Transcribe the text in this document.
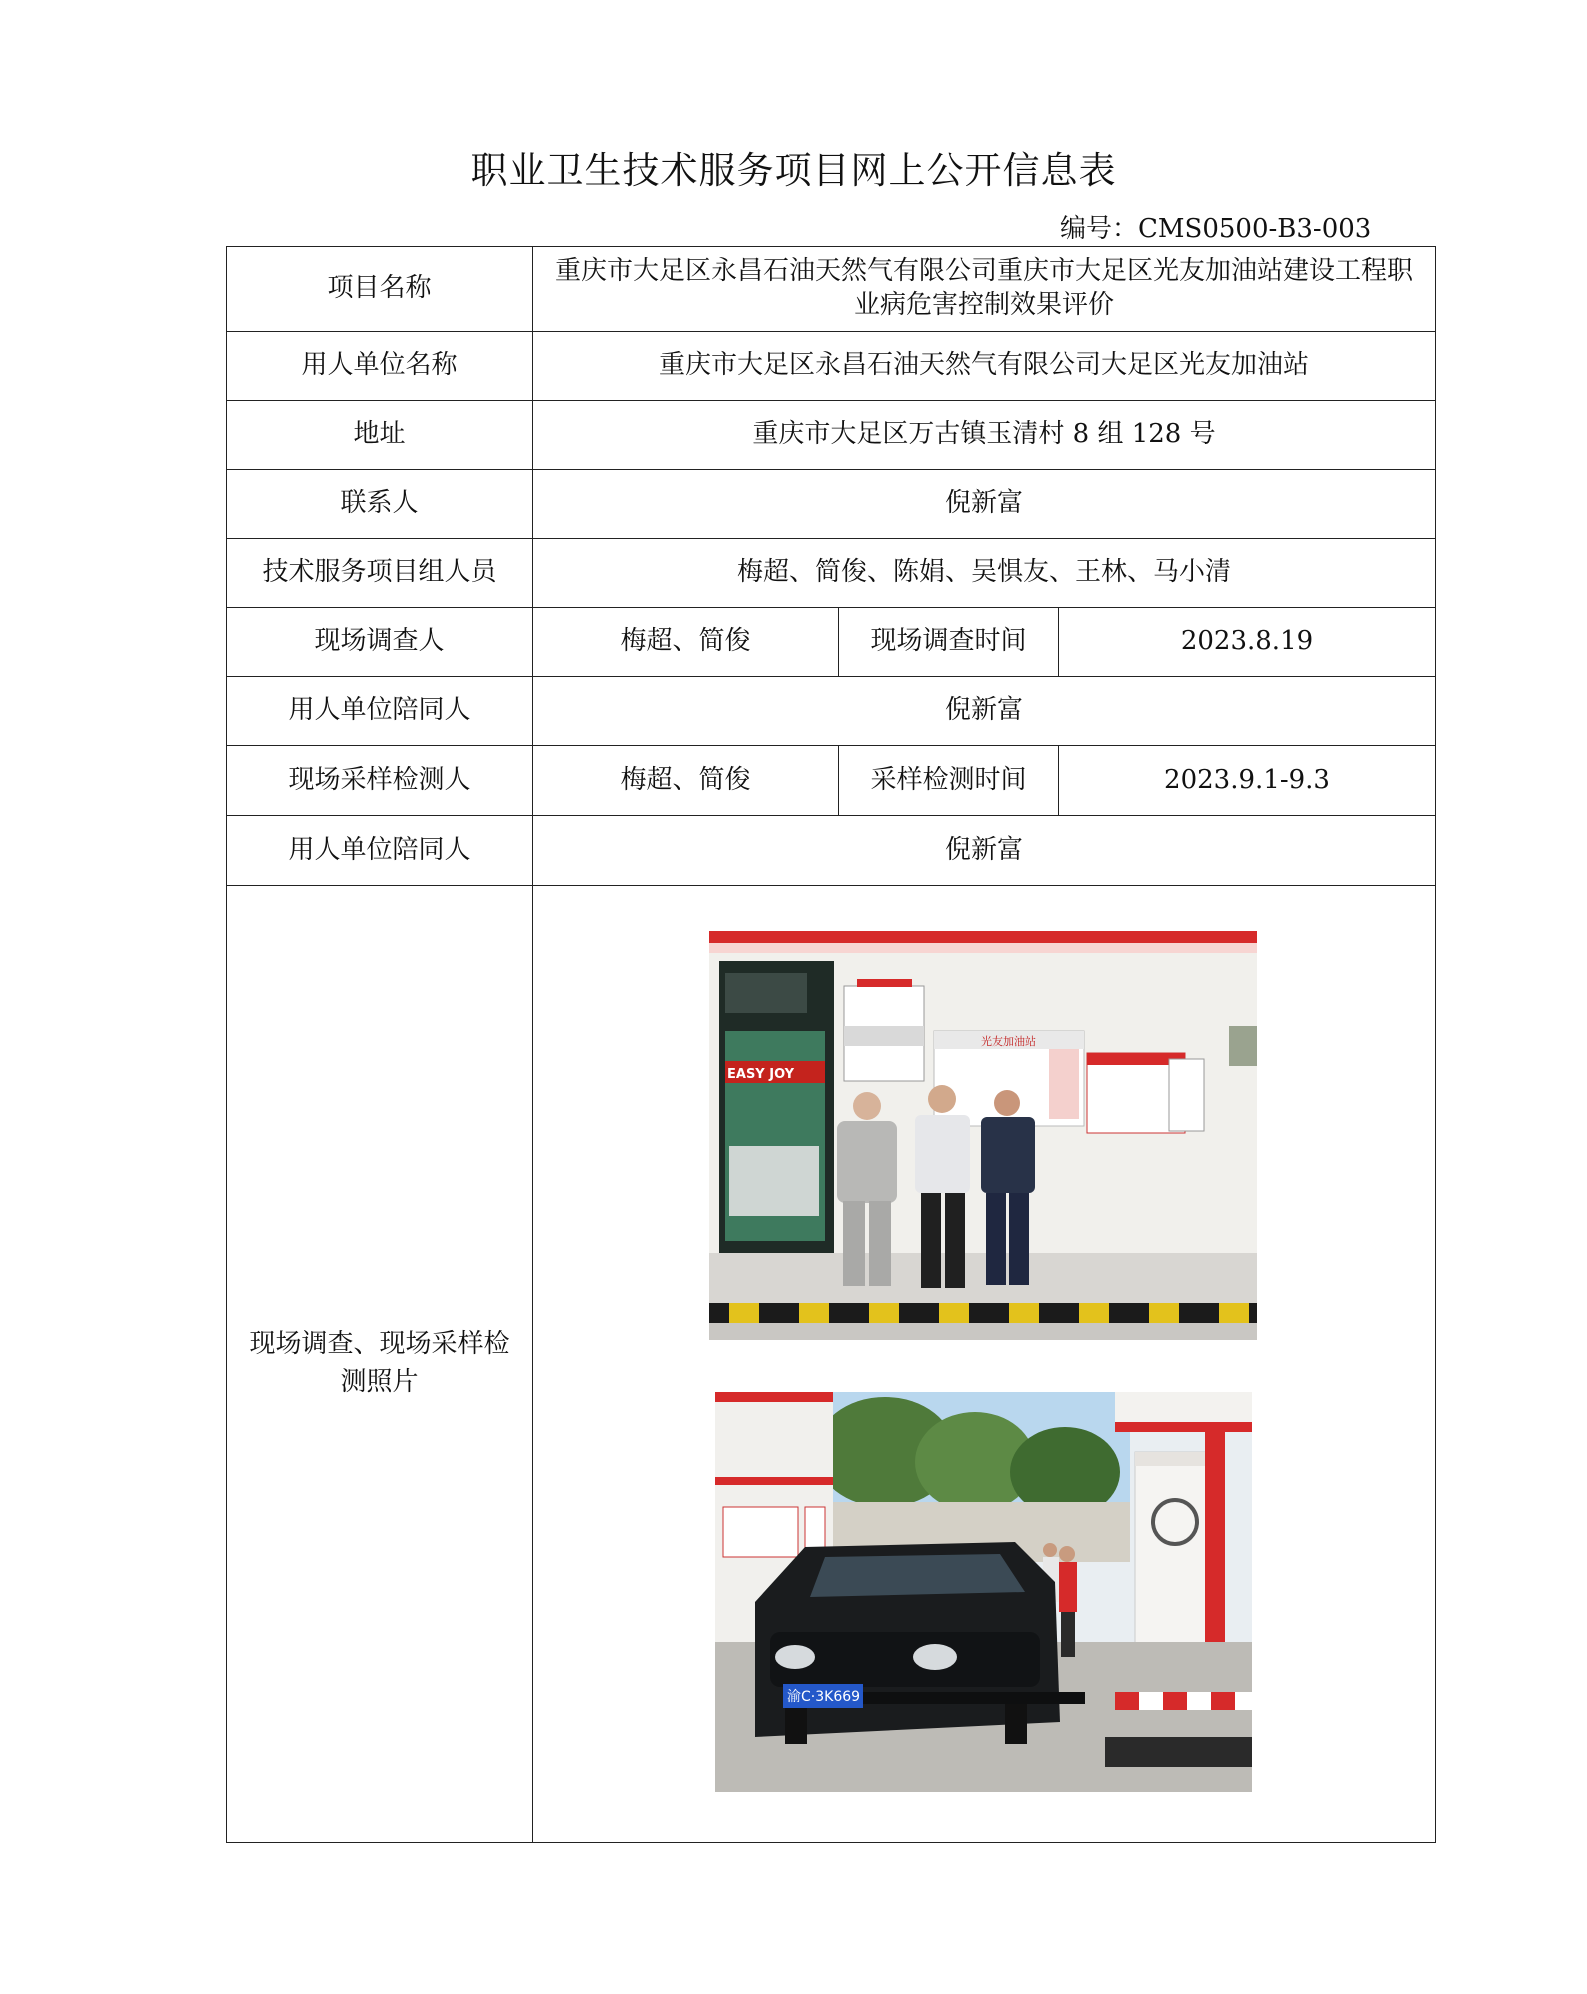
职业卫生技术服务项目网上公开信息表
编号：CMS0500-B3-003
项目名称	重庆市大足区永昌石油天然气有限公司重庆市大足区光友加油站建设工程职业病危害控制效果评价		
用人单位名称	重庆市大足区永昌石油天然气有限公司大足区光友加油站		
地址	重庆市大足区万古镇玉清村 8 组 128 号		
联系人	倪新富		
技术服务项目组人员	梅超、简俊、陈娟、吴惧友、王林、马小清		
现场调查人	梅超、简俊	现场调查时间	2023.8.19
用人单位陪同人	倪新富		
现场采样检测人	梅超、简俊	采样检测时间	2023.9.1-9.3
用人单位陪同人	倪新富		
现场调查、现场采样检测照片	EASY JOY
光友加油站
渝C·3K669		
